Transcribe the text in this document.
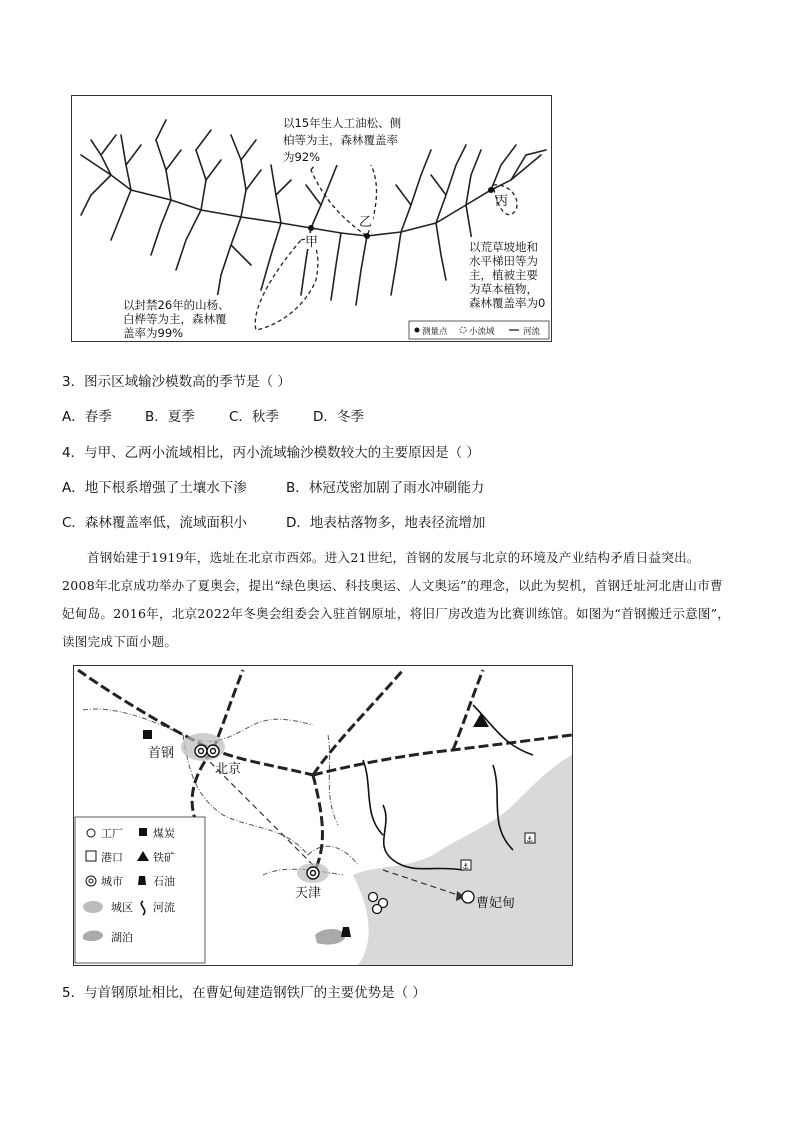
乙
甲
丙
以15年生人工油松、侧
柏等为主，森林覆盖率
为92%
以荒草坡地和
水平梯田等为
主，植被主要
为草本植物，
森林覆盖率为0
以封禁26年的山杨、
白桦等为主，森林覆
盖率为99%	测量点	小流域	河流
3．图示区域输沙模数高的季节是（ ）
A．春季 B．夏季	C．秋季	D．冬季
4．与甲、乙两小流域相比，丙小流域输沙模数较大的主要原因是（ ）
A．地下根系增强了土壤水下渗	B．林冠茂密加剧了雨水冲刷能力
C．森林覆盖率低，流域面积小	D．地表枯落物多，地表径流增加
首钢始建于1919年，选址在北京市西郊。进入21世纪，首钢的发展与北京的环境及产业结构矛盾日益突出。2008年北京成功举办了夏奥会，提出“绿色奥运、科技奥运、人文奥运”的理念，以此为契机，首钢迁址河北唐山市曹妃甸岛。2016年，北京2022年冬奥会组委会入驻首钢原址，将旧厂房改造为比赛训练馆。如图为“首钢搬迁示意图”，读图完成下面小题。
⚓
⚓
首钢
北京
天津
曹妃甸
工厂	煤炭
港口	铁矿
城市	石油
城区 河流
湖泊
5．与首钢原址相比，在曹妃甸建造钢铁厂的主要优势是（ ）
